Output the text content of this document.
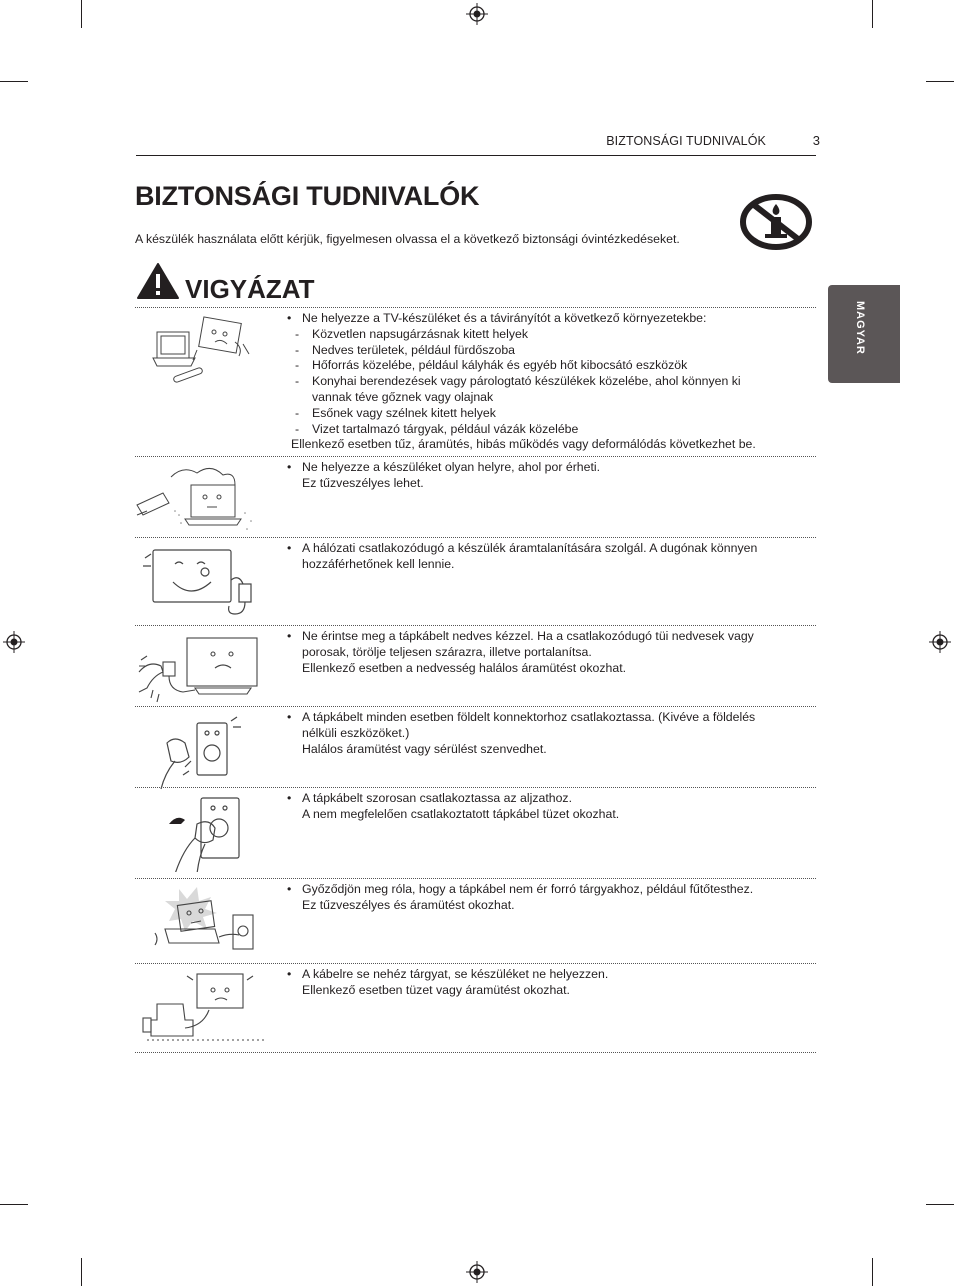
BIZTONSÁGI TUDNIVALÓK	3
BIZTONSÁGI TUDNIVALÓK

A készülék használata előtt kérjük, figyelmesen olvassa el a következő biztonsági óvintézkedéseket.

VIGYÁZAT
MAGYAR
• Ne helyezze a TV-készüléket és a távirányítót a következő környezetekbe:
- Közvetlen napsugárzásnak kitett helyek
- Nedves területek, például fürdőszoba
- Hőforrás közelébe, például kályhák és egyéb hőt kibocsátó eszközök
- Konyhai berendezések vagy párologtató készülékek közelébe, ahol könnyen ki
vannak téve gőznek vagy olajnak
- Esőnek vagy szélnek kitett helyek
- Vizet tartalmazó tárgyak, például vázák közelébe
Ellenkező esetben tűz, áramütés, hibás működés vagy deformálódás következhet be.
• Ne helyezze a készüléket olyan helyre, ahol por érheti.
Ez tűzveszélyes lehet.
• A hálózati csatlakozódugó a készülék áramtalanítására szolgál. A dugónak könnyen
hozzáférhetőnek kell lennie.
• Ne érintse meg a tápkábelt nedves kézzel. Ha a csatlakozódugó tüi nedvesek vagy
porosak, törölje teljesen szárazra, illetve portalanítsa.
Ellenkező esetben a nedvesség halálos áramütést okozhat.
• A tápkábelt minden esetben földelt konnektorhoz csatlakoztassa. (Kivéve a földelés
nélküli eszközöket.)
Halálos áramütést vagy sérülést szenvedhet.
• A tápkábelt szorosan csatlakoztassa az aljzathoz.
A nem megfelelően csatlakoztatott tápkábel tüzet okozhat.
• Győződjön meg róla, hogy a tápkábel nem ér forró tárgyakhoz, például fűtőtesthez.
Ez tűzveszélyes és áramütést okozhat.
• A kábelre se nehéz tárgyat, se készüléket ne helyezzen.
Ellenkező esetben tüzet vagy áramütést okozhat.
